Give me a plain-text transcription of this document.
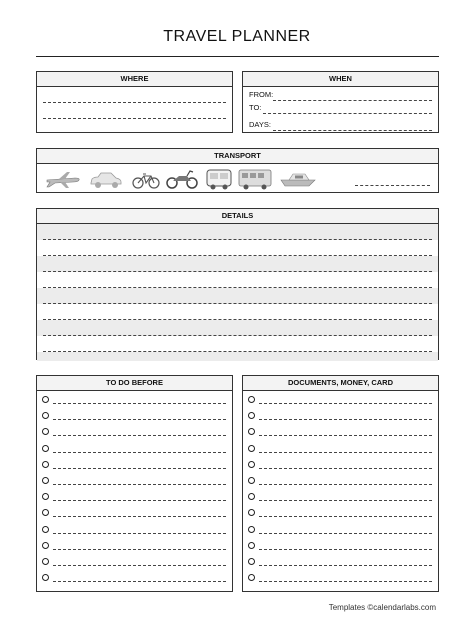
TRAVEL PLANNER
WHERE	WHEN
FROM:
TO:
DAYS:
TRANSPORT
DETAILS
TO DO BEFORE	DOCUMENTS, MONEY, CARD
Templates ©calendarlabs.com
